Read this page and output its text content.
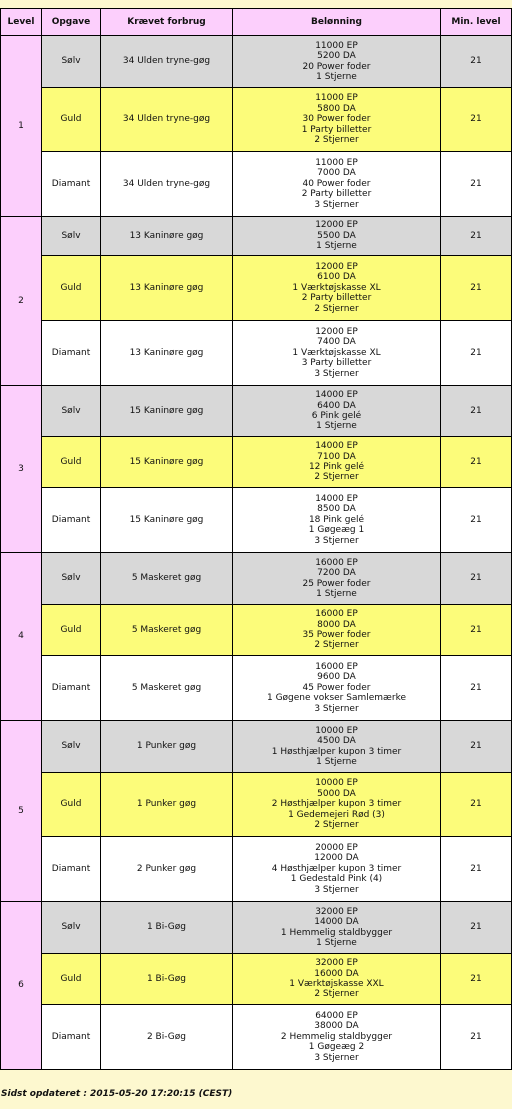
Level	Opgave	Krævet forbrug	Belønning	Min. level
1	Sølv	34 Ulden tryne-gøg	11000 EP
5200 DA
20 Power foder
1 Stjerne	21
	Guld	34 Ulden tryne-gøg	11000 EP
5800 DA
30 Power foder
1 Party billetter
2 Stjerner	21
	Diamant	34 Ulden tryne-gøg	11000 EP
7000 DA
40 Power foder
2 Party billetter
3 Stjerner	21
2	Sølv	13 Kaninøre gøg	12000 EP
5500 DA
1 Stjerne	21
	Guld	13 Kaninøre gøg	12000 EP
6100 DA
1 Værktøjskasse XL
2 Party billetter
2 Stjerner	21
	Diamant	13 Kaninøre gøg	12000 EP
7400 DA
1 Værktøjskasse XL
3 Party billetter
3 Stjerner	21
3	Sølv	15 Kaninøre gøg	14000 EP
6400 DA
6 Pink gelé
1 Stjerne	21
	Guld	15 Kaninøre gøg	14000 EP
7100 DA
12 Pink gelé
2 Stjerner	21
	Diamant	15 Kaninøre gøg	14000 EP
8500 DA
18 Pink gelé
1 Gøgeæg 1
3 Stjerner	21
4	Sølv	5 Maskeret gøg	16000 EP
7200 DA
25 Power foder
1 Stjerne	21
	Guld	5 Maskeret gøg	16000 EP
8000 DA
35 Power foder
2 Stjerner	21
	Diamant	5 Maskeret gøg	16000 EP
9600 DA
45 Power foder
1 Gøgene vokser Samlemærke
3 Stjerner	21
5	Sølv	1 Punker gøg	10000 EP
4500 DA
1 Høsthjælper kupon 3 timer
1 Stjerne	21
	Guld	1 Punker gøg	10000 EP
5000 DA
2 Høsthjælper kupon 3 timer
1 Gedemejeri Rød (3)
2 Stjerner	21
	Diamant	2 Punker gøg	20000 EP
12000 DA
4 Høsthjælper kupon 3 timer
1 Gedestald Pink (4)
3 Stjerner	21
6	Sølv	1 Bi-Gøg	32000 EP
14000 DA
1 Hemmelig staldbygger
1 Stjerne	21
	Guld	1 Bi-Gøg	32000 EP
16000 DA
1 Værktøjskasse XXL
2 Stjerner	21
	Diamant	2 Bi-Gøg	64000 EP
38000 DA
2 Hemmelig staldbygger
1 Gøgeæg 2
3 Stjerner	21
Sidst opdateret : 2015-05-20 17:20:15 (CEST)
